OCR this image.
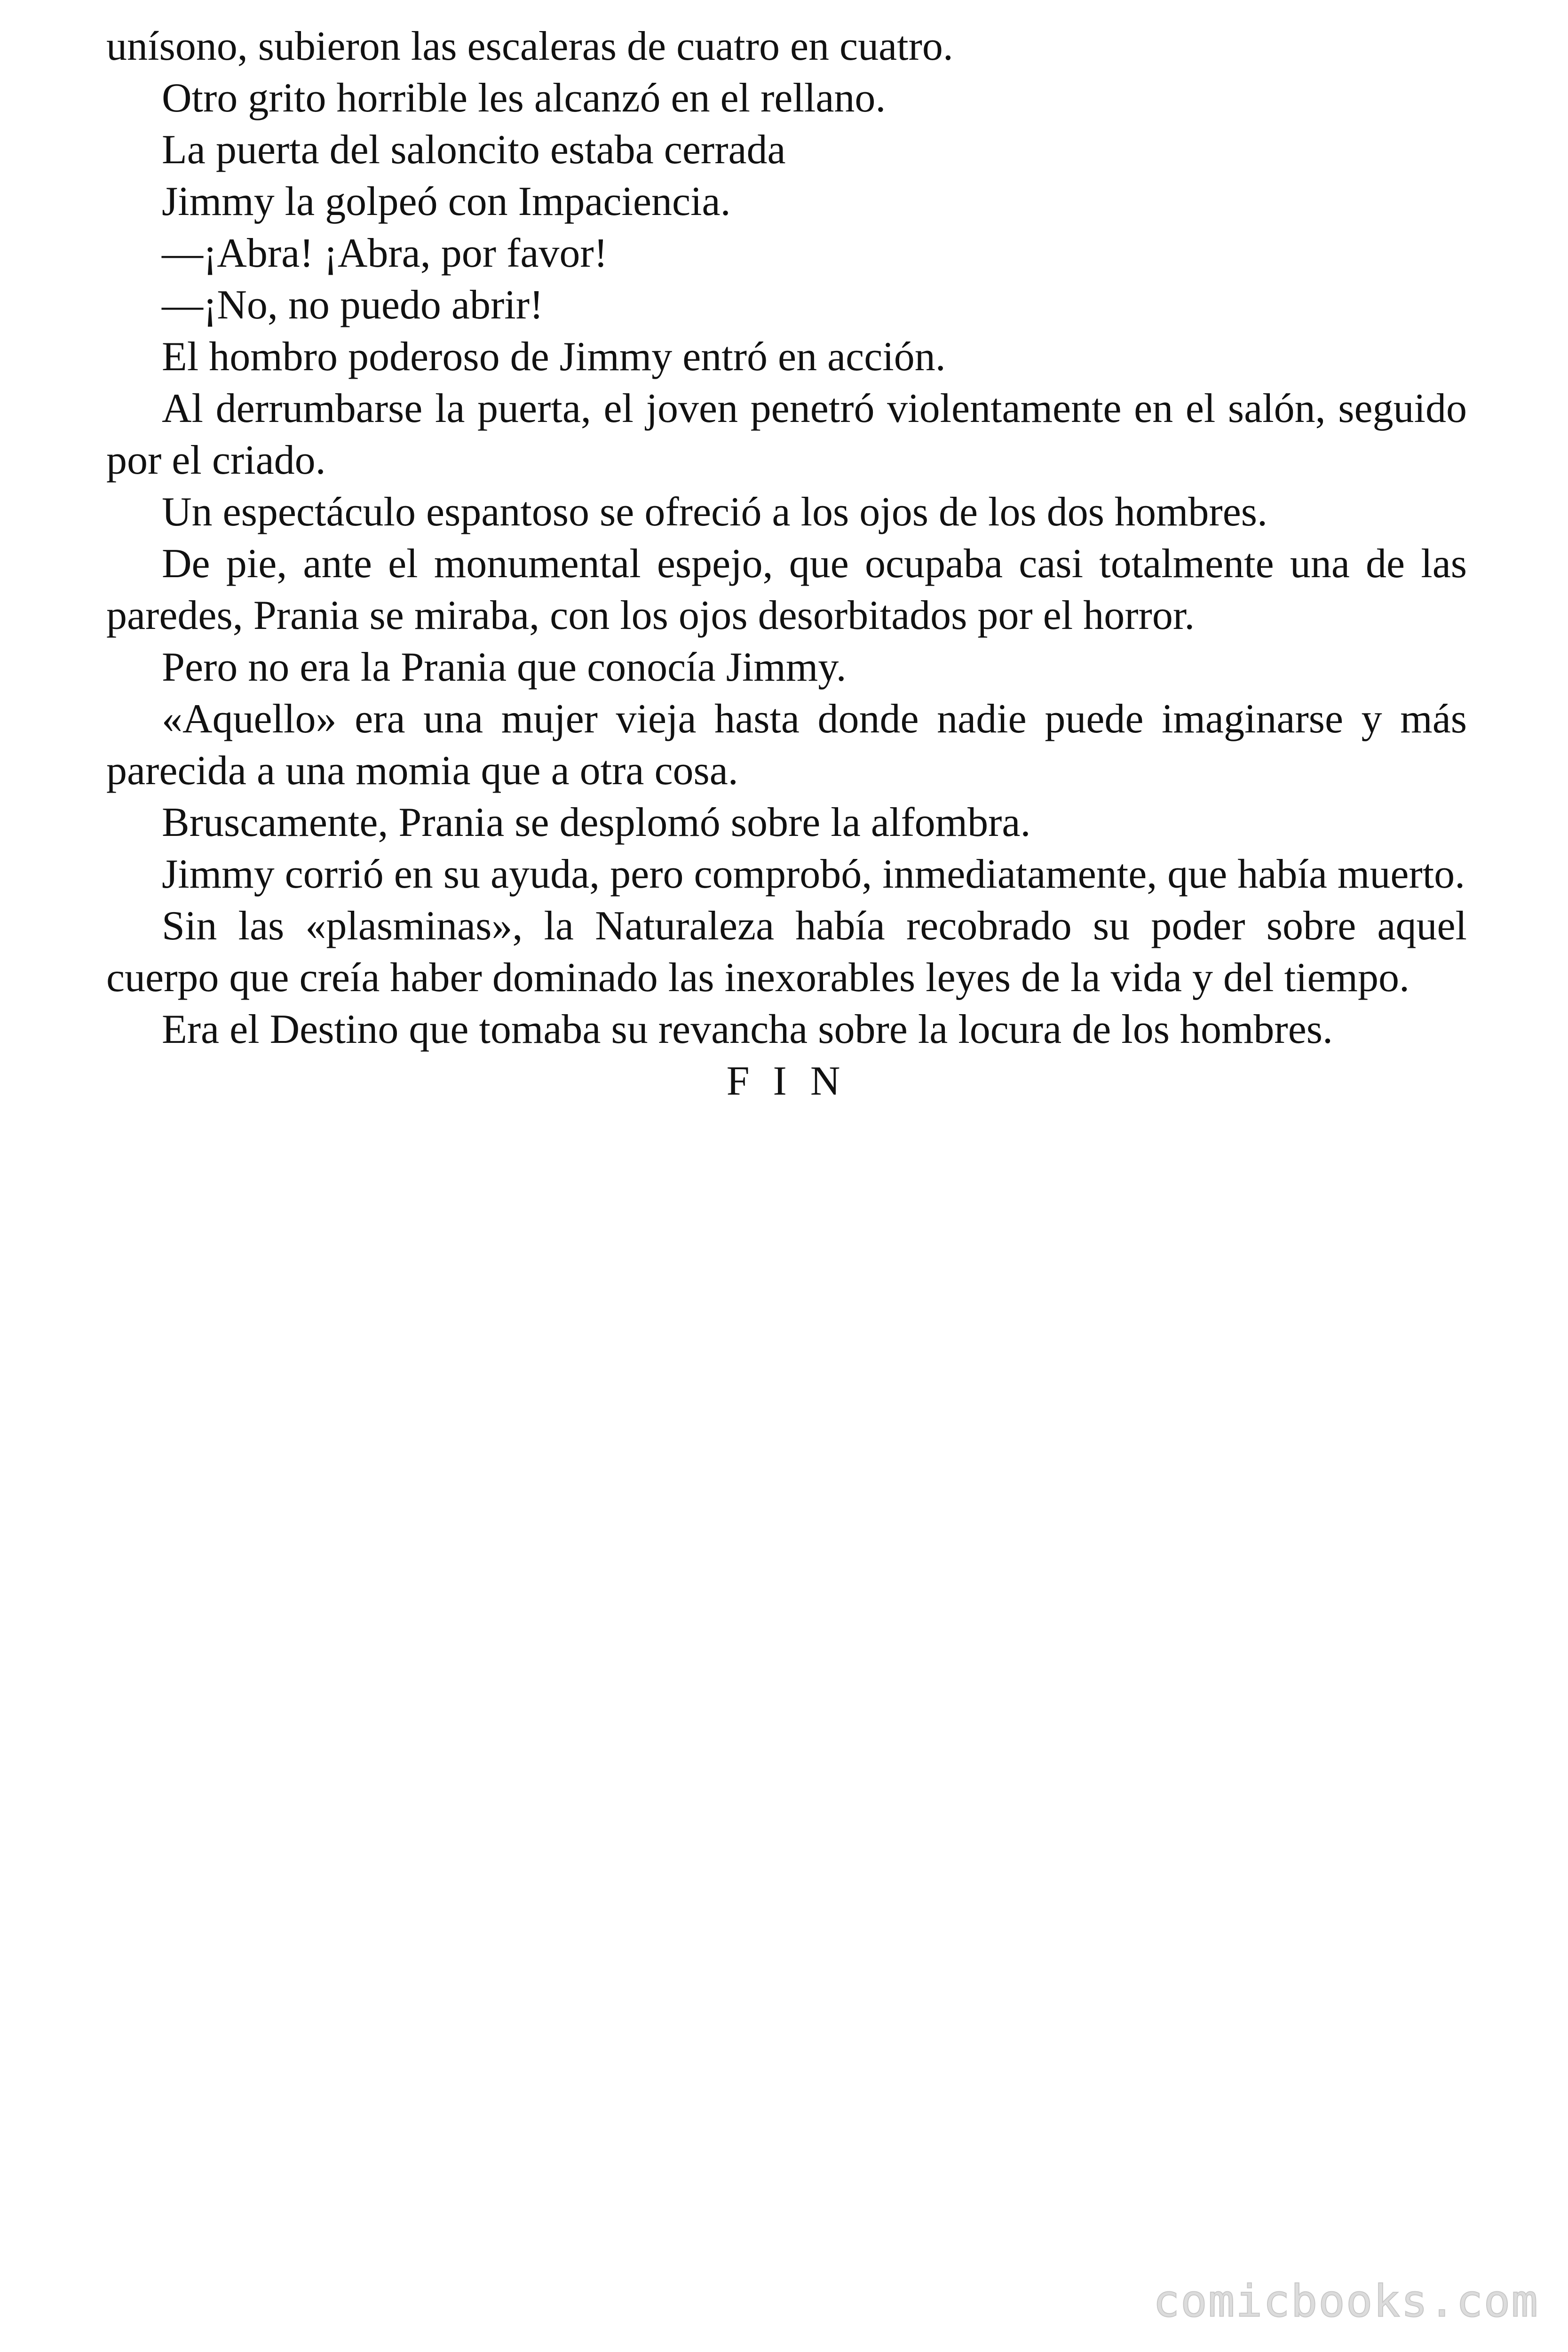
unísono, subieron las escaleras de cuatro en cuatro.

Otro grito horrible les alcanzó en el rellano.

La puerta del saloncito estaba cerrada

Jimmy la golpeó con Impaciencia.

—¡Abra! ¡Abra, por favor!

—¡No, no puedo abrir!

El hombro poderoso de Jimmy entró en acción.

Al derrumbarse la puerta, el joven penetró violentamente en el salón, seguido por el criado.

Un espectáculo espantoso se ofreció a los ojos de los dos hombres.

De pie, ante el monumental espejo, que ocupaba casi totalmente una de las paredes, Prania se miraba, con los ojos desorbitados por el horror.

Pero no era la Prania que conocía Jimmy.

«Aquello» era una mujer vieja hasta donde nadie puede imaginarse y más parecida a una momia que a otra cosa.

Bruscamente, Prania se desplomó sobre la alfombra.

Jimmy corrió en su ayuda, pero comprobó, inmediatamente, que había muerto.

Sin las «plasminas», la Naturaleza había recobrado su poder sobre aquel cuerpo que creía haber dominado las inexorables leyes de la vida y del tiempo.

Era el Destino que tomaba su revancha sobre la locura de los hombres.

F I N

comicbooks.com
